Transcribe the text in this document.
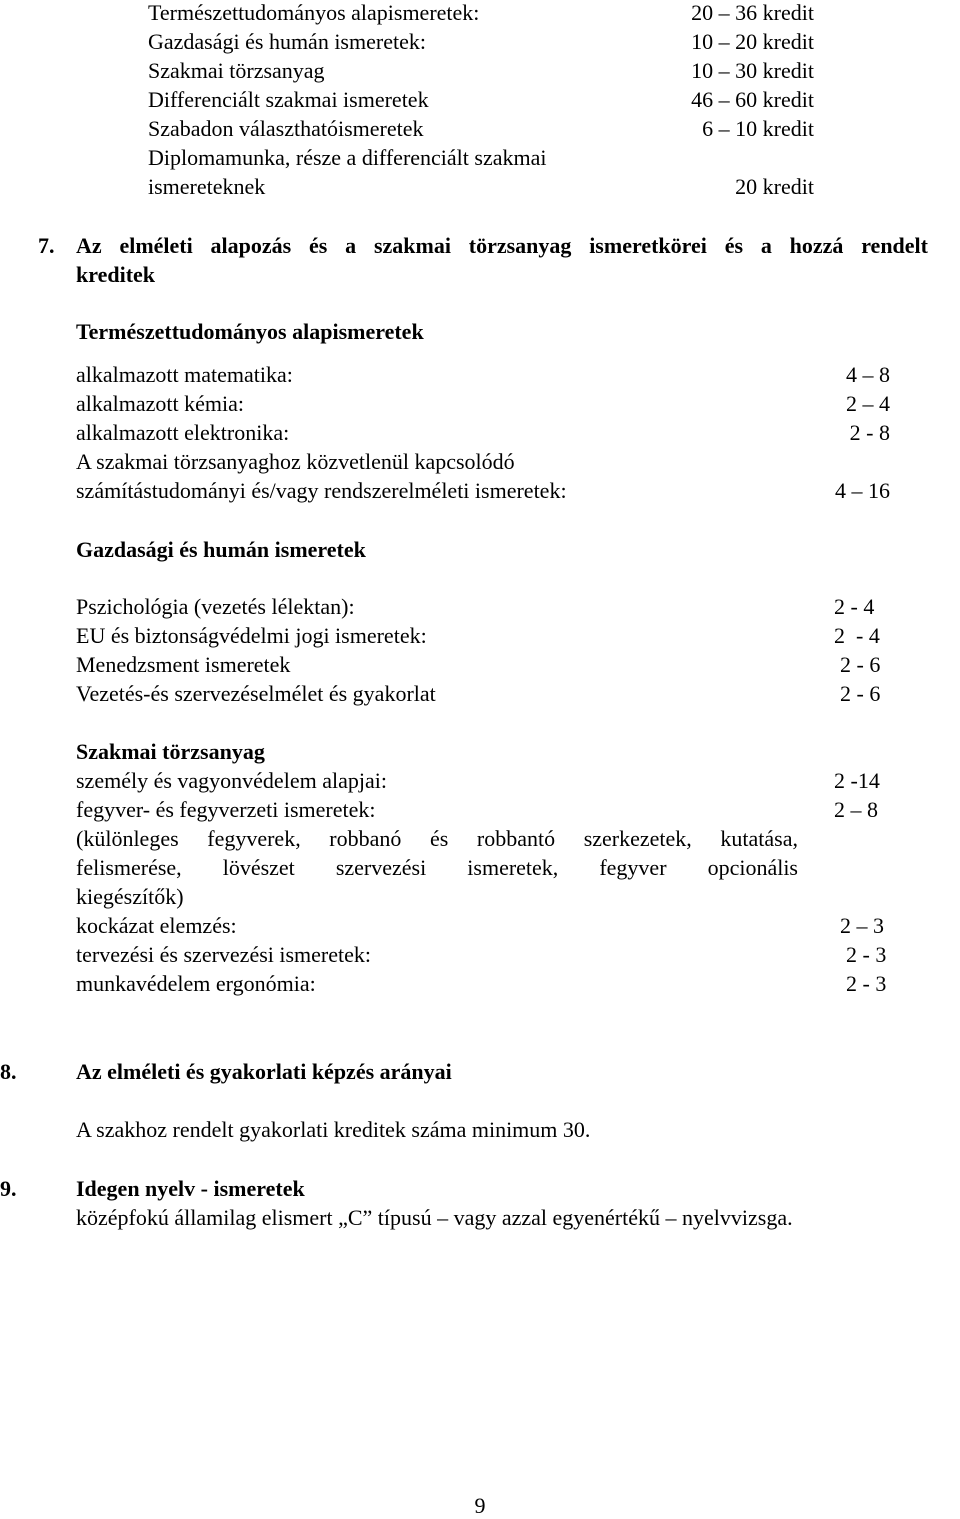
Természettudományos alapismeretek:	20 – 36 kredit
Gazdasági és humán ismeretek:	10 – 20 kredit
Szakmai törzsanyag	10 – 30 kredit
Differenciált szakmai ismeretek	46 – 60 kredit
Szabadon választhatóismeretek	6 – 10 kredit
Diplomamunka, része a differenciált szakmai
ismereteknek	20 kredit
7. Az elméleti alapozás és a szakmai törzsanyag ismeretkörei és a hozzá rendelt
kreditek
Természettudományos alapismeretek
alkalmazott matematika:	4 – 8
alkalmazott kémia:	2 – 4
alkalmazott elektronika:	2 - 8
A szakmai törzsanyaghoz közvetlenül kapcsolódó
számítástudományi és/vagy rendszerelméleti ismeretek:	4 – 16
Gazdasági és humán ismeretek
Pszichológia (vezetés lélektan):	2 - 4
EU és biztonságvédelmi jogi ismeretek:	2  - 4
Menedzsment ismeretek	2 - 6
Vezetés-és szervezéselmélet és gyakorlat	2 - 6
Szakmai törzsanyag
személy és vagyonvédelem alapjai:	2 -14
fegyver- és fegyverzeti ismeretek:	2 – 8
(különleges fegyverek, robbanó és robbantó szerkezetek, kutatása,
felismerése, lövészet szervezési ismeretek, fegyver opcionális
kiegészítők)
kockázat elemzés:	2 – 3
tervezési és szervezési ismeretek:	2 - 3
munkavédelem ergonómia:	2 - 3
8.	Az elméleti és gyakorlati képzés arányai
A szakhoz rendelt gyakorlati kreditek száma minimum 30.
9.	Idegen nyelv - ismeretek
középfokú államilag elismert „C” típusú – vagy azzal egyenértékű – nyelvvizsga.
9
